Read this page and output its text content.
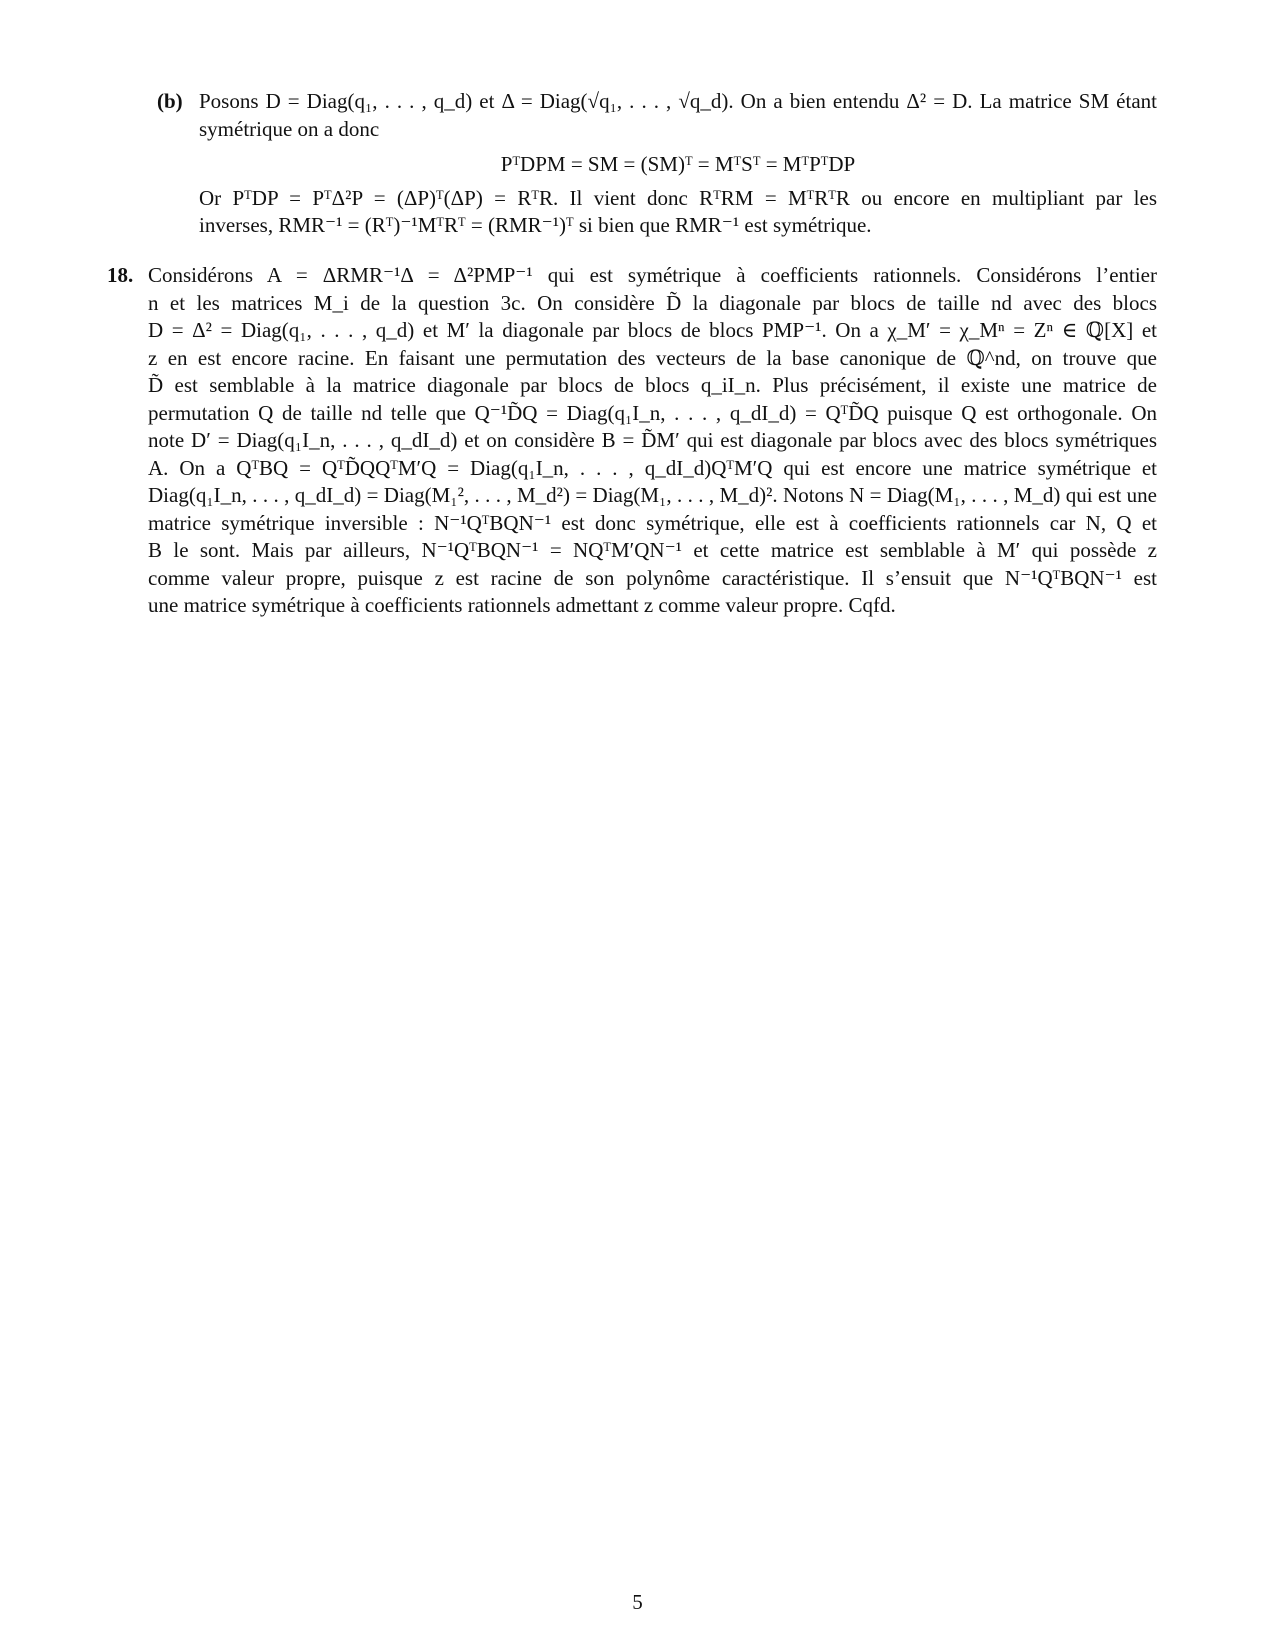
(b) Posons D = Diag(q₁, . . . , q_d) et Δ = Diag(√q₁, . . . , √q_d). On a bien entendu Δ² = D. La matrice SM étant
symétrique on a donc
PᵀDPM = SM = (SM)ᵀ = MᵀSᵀ = MᵀPᵀDP
Or PᵀDP = PᵀΔ²P = (ΔP)ᵀ(ΔP) = RᵀR. Il vient donc RᵀRM = MᵀRᵀR ou encore en multipliant par les
inverses, RMR⁻¹ = (Rᵀ)⁻¹MᵀRᵀ = (RMR⁻¹)ᵀ si bien que RMR⁻¹ est symétrique.
18. Considérons A = ΔRMR⁻¹Δ = Δ²PMP⁻¹ qui est symétrique à coefficients rationnels. Considérons l’entier
n et les matrices M_i de la question 3c. On considère D̃ la diagonale par blocs de taille nd avec des blocs
D = Δ² = Diag(q₁, . . . , q_d) et M′ la diagonale par blocs de blocs PMP⁻¹. On a χ_M′ = χ_Mⁿ = Zⁿ ∈ ℚ[X] et
z en est encore racine. En faisant une permutation des vecteurs de la base canonique de ℚ^nd, on trouve que
D̃ est semblable à la matrice diagonale par blocs de blocs q_iI_n. Plus précisément, il existe une matrice de
permutation Q de taille nd telle que Q⁻¹D̃Q = Diag(q₁I_n, . . . , q_dI_d) = QᵀD̃Q puisque Q est orthogonale. On
note D′ = Diag(q₁I_n, . . . , q_dI_d) et on considère B = D̃M′ qui est diagonale par blocs avec des blocs symétriques
A. On a QᵀBQ = QᵀD̃QQᵀM′Q = Diag(q₁I_n, . . . , q_dI_d)QᵀM′Q qui est encore une matrice symétrique et
Diag(q₁I_n, . . . , q_dI_d) = Diag(M₁², . . . , M_d²) = Diag(M₁, . . . , M_d)². Notons N = Diag(M₁, . . . , M_d) qui est une
matrice symétrique inversible : N⁻¹QᵀBQN⁻¹ est donc symétrique, elle est à coefficients rationnels car N, Q et
B le sont. Mais par ailleurs, N⁻¹QᵀBQN⁻¹ = NQᵀM′QN⁻¹ et cette matrice est semblable à M′ qui possède z
comme valeur propre, puisque z est racine de son polynôme caractéristique. Il s’ensuit que N⁻¹QᵀBQN⁻¹ est
une matrice symétrique à coefficients rationnels admettant z comme valeur propre. Cqfd.
5
